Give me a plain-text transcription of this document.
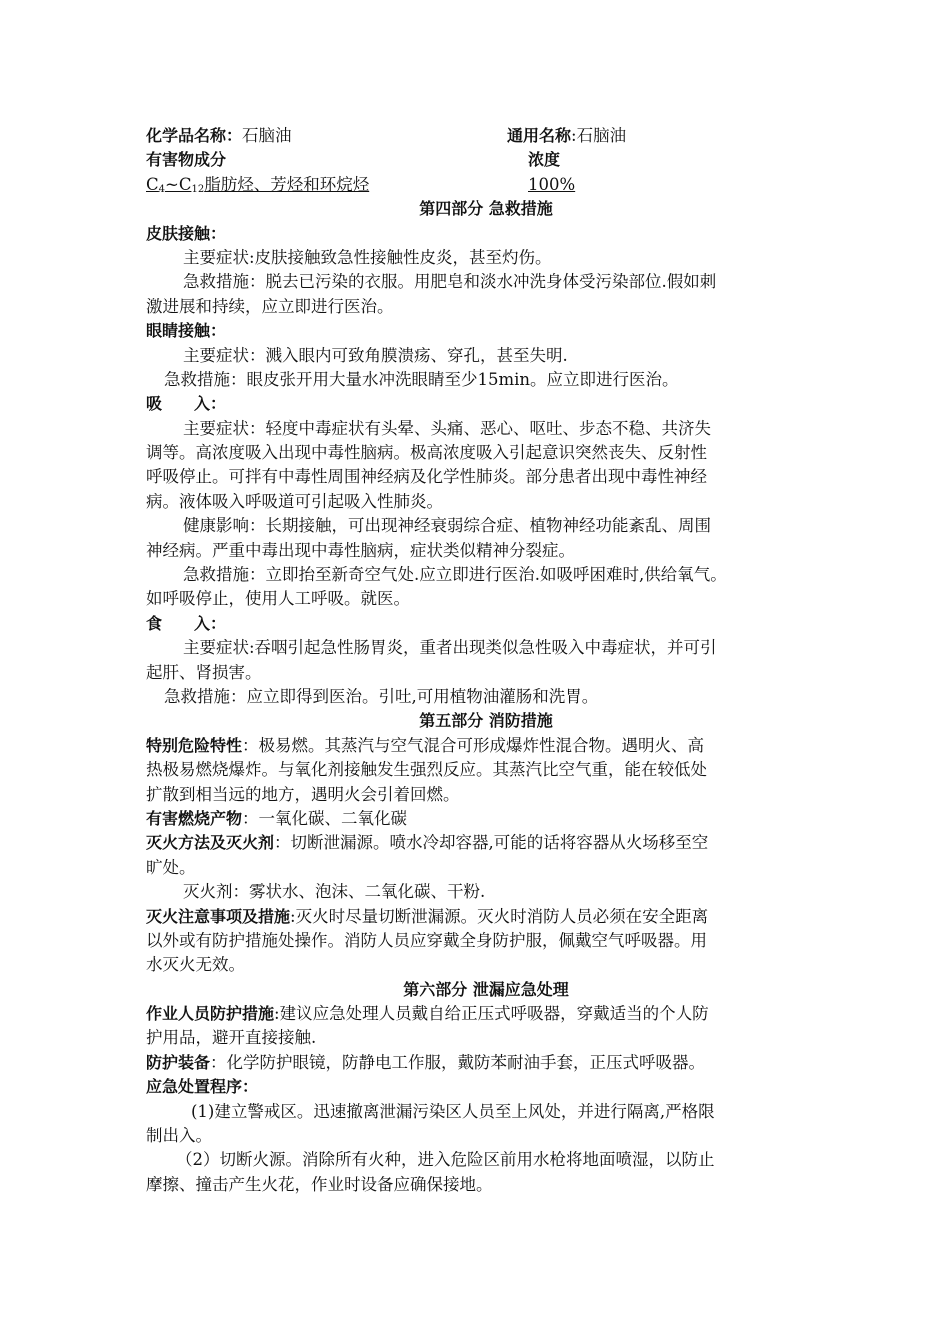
化学品名称：石脑油	通用名称:石脑油
有害物成分	浓度
$C_4\sim C_{12}$脂肪烃、芳烃和环烷烃	100%
第四部分 急救措施
皮肤接触：
主要症状:皮肤接触致急性接触性皮炎，甚至灼伤。
急救措施：脱去已污染的衣服。用肥皂和淡水冲洗身体受污染部位.假如刺
激进展和持续，应立即进行医治。
眼睛接触：
主要症状：溅入眼内可致角膜溃疡、穿孔，甚至失明.
急救措施：眼皮张开用大量水冲洗眼睛至少15min。应立即进行医治。
吸　　入：
主要症状：轻度中毒症状有头晕、头痛、恶心、呕吐、步态不稳、共济失
调等。高浓度吸入出现中毒性脑病。极高浓度吸入引起意识突然丧失、反射性
呼吸停止。可拌有中毒性周围神经病及化学性肺炎。部分患者出现中毒性神经
病。液体吸入呼吸道可引起吸入性肺炎。
健康影响：长期接触，可出现神经衰弱综合症、植物神经功能紊乱、周围
神经病。严重中毒出现中毒性脑病，症状类似精神分裂症。
急救措施：立即抬至新奇空气处.应立即进行医治.如吸呼困难时,供给氧气。
如呼吸停止，使用人工呼吸。就医。
食　　入：
主要症状:吞咽引起急性肠胃炎，重者出现类似急性吸入中毒症状，并可引
起肝、肾损害。
急救措施：应立即得到医治。引吐,可用植物油灌肠和洗胃。
第五部分 消防措施
特别危险特性：极易燃。其蒸汽与空气混合可形成爆炸性混合物。遇明火、高
热极易燃烧爆炸。与氧化剂接触发生强烈反应。其蒸汽比空气重，能在较低处
扩散到相当远的地方，遇明火会引着回燃。
有害燃烧产物：一氧化碳、二氧化碳
灭火方法及灭火剂：切断泄漏源。喷水冷却容器,可能的话将容器从火场移至空
旷处。
灭火剂：雾状水、泡沫、二氧化碳、干粉.
灭火注意事项及措施:灭火时尽量切断泄漏源。灭火时消防人员必须在安全距离
以外或有防护措施处操作。消防人员应穿戴全身防护服，佩戴空气呼吸器。用
水灭火无效。
第六部分 泄漏应急处理
作业人员防护措施:建议应急处理人员戴自给正压式呼吸器，穿戴适当的个人防
护用品，避开直接接触.
防护装备：化学防护眼镜，防静电工作服，戴防苯耐油手套，正压式呼吸器。
应急处置程序：
(1)建立警戒区。迅速撤离泄漏污染区人员至上风处，并进行隔离,严格限
制出入。
（2）切断火源。消除所有火种，进入危险区前用水枪将地面喷湿，以防止
摩擦、撞击产生火花，作业时设备应确保接地。
